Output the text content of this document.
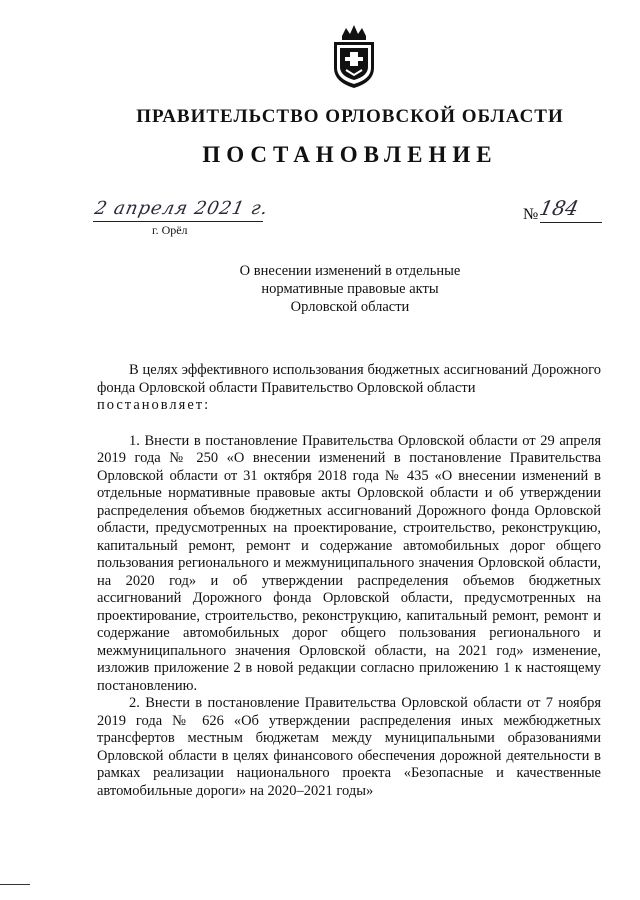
ПРАВИТЕЛЬСТВО ОРЛОВСКОЙ ОБЛАСТИ
ПОСТАНОВЛЕНИЕ
2 апреля 2021 г.
г. Орёл
№ 184
О внесении изменений в отдельные
нормативные правовые акты
Орловской области

В целях эффективного использования бюджетных ассигнований Дорожного фонда Орловской области Правительство Орловской области

постановляет:

1. Внести в постановление Правительства Орловской области от 29 апреля 2019 года № 250 «О внесении изменений в постановление Правительства Орловской области от 31 октября 2018 года № 435 «О внесении изменений в отдельные нормативные правовые акты Орловской области и об утверждении распределения объемов бюджетных ассигнований Дорожного фонда Орловской области, предусмотренных на проектирование, строительство, реконструкцию, капитальный ремонт, ремонт и содержание автомобильных дорог общего пользования регионального и межмуниципального значения Орловской области, на 2020 год» и об утверждении распределения объемов бюджетных ассигнований Дорожного фонда Орловской области, предусмотренных на проектирование, строительство, реконструкцию, капитальный ремонт, ремонт и содержание автомобильных дорог общего пользования регионального и межмуниципального значения Орловской области, на 2021 год» изменение, изложив приложение 2 в новой редакции согласно приложению 1 к настоящему постановлению.

2. Внести в постановление Правительства Орловской области от 7 ноября 2019 года № 626 «Об утверждении распределения иных межбюджетных трансфертов местным бюджетам между муниципальными образованиями Орловской области в целях финансового обеспечения дорожной деятельности в рамках реализации национального проекта «Безопасные и качественные автомобильные дороги» на 2020–2021 годы»
